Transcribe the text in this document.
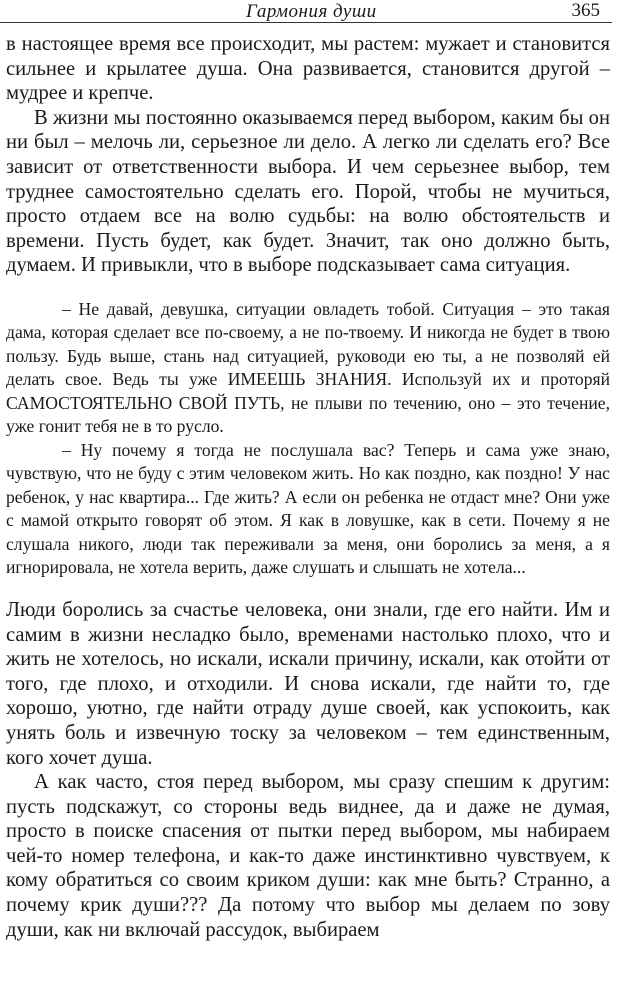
Гармония души	365

в настоящее время все происходит, мы растем: мужает и становится сильнее и крылатее душа. Она развивается, становится другой – мудрее и крепче.

В жизни мы постоянно оказываемся перед выбором, каким бы он ни был – мелочь ли, серьезное ли дело. А легко ли сделать его? Все зависит от ответственности выбора. И чем серьезнее выбор, тем труднее самостоятельно сделать его. Порой, чтобы не мучиться, просто отдаем все на волю судьбы: на волю обстоятельств и времени. Пусть будет, как будет. Значит, так оно должно быть, думаем. И привыкли, что в выборе подсказывает сама ситуация.

– Не давай, девушка, ситуации овладеть тобой. Ситуация – это такая дама, которая сделает все по-своему, а не по-твоему. И никогда не будет в твою пользу. Будь выше, стань над ситуацией, руководи ею ты, а не позволяй ей делать свое. Ведь ты уже ИМЕЕШЬ ЗНАНИЯ. Используй их и проторяй САМОСТОЯТЕЛЬНО СВОЙ ПУТЬ, не плыви по течению, оно – это течение, уже гонит тебя не в то русло.

– Ну почему я тогда не послушала вас? Теперь и сама уже знаю, чувствую, что не буду с этим человеком жить. Но как поздно, как поздно! У нас ребенок, у нас квартира... Где жить? А если он ребенка не отдаст мне? Они уже с мамой открыто говорят об этом. Я как в ловушке, как в сети. Почему я не слушала никого, люди так переживали за меня, они боролись за меня, а я игнорировала, не хотела верить, даже слушать и слышать не хотела...

Люди боролись за счастье человека, они знали, где его найти. Им и самим в жизни несладко было, временами настолько плохо, что и жить не хотелось, но искали, искали причину, искали, как отойти от того, где плохо, и отходили. И снова искали, где найти то, где хорошо, уютно, где найти отраду душе своей, как успокоить, как унять боль и извечную тоску за человеком – тем единственным, кого хочет душа.

А как часто, стоя перед выбором, мы сразу спешим к другим: пусть подскажут, со стороны ведь виднее, да и даже не думая, просто в поиске спасения от пытки перед выбором, мы набираем чей-то номер телефона, и как-то даже инстинктивно чувствуем, к кому обратиться со своим криком души: как мне быть? Странно, а почему крик души??? Да потому что выбор мы делаем по зову души, как ни включай рассудок, выбираем
